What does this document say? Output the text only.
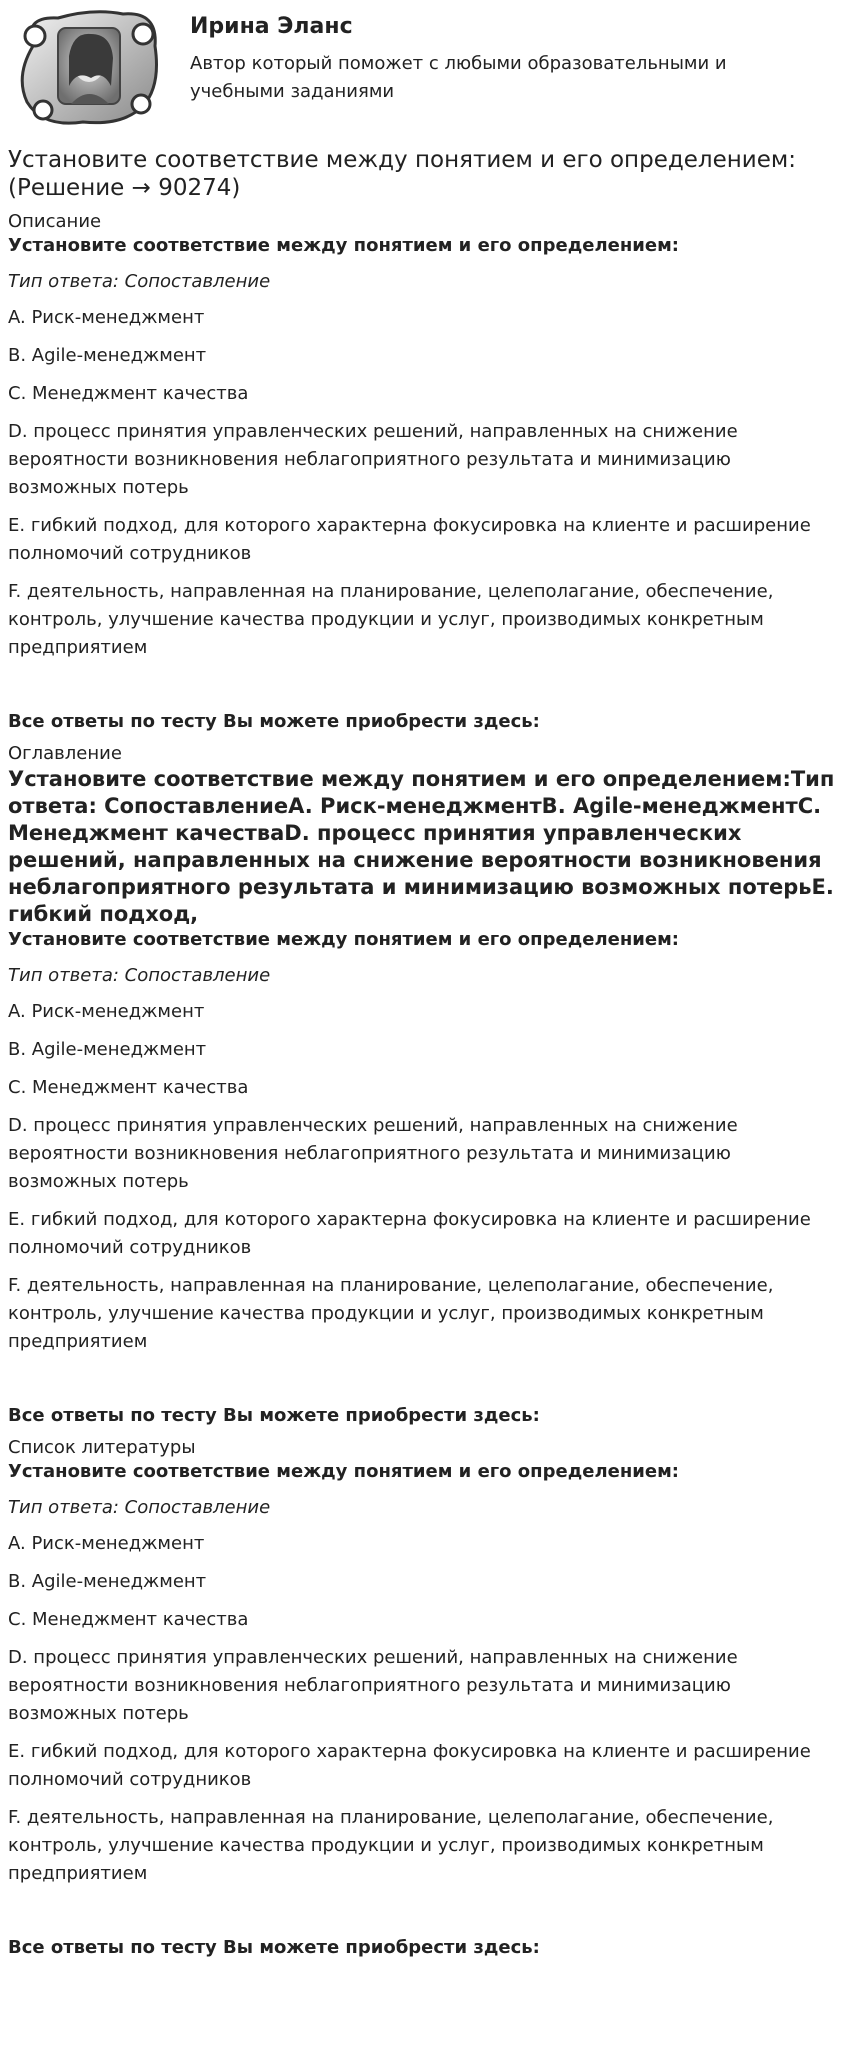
Ирина Эланс
Автор который поможет с любыми образовательными и учебными заданиями
Установите соответствие между понятием и его определением: (Решение → 90274)
Описание
Установите соответствие между понятием и его определением:
Тип ответа: Сопоставление
A. Риск-менеджмент
B. Agile-менеджмент
C. Менеджмент качества
D. процесс принятия управленческих решений, направленных на снижение вероятности возникновения неблагоприятного результата и минимизацию возможных потерь
E. гибкий подход, для которого характерна фокусировка на клиенте и расширение полномочий сотрудников
F. деятельность, направленная на планирование, целеполагание, обеспечение, контроль, улучшение качества продукции и услуг, производимых конкретным предприятием
Все ответы по тесту Вы можете приобрести здесь:
Оглавление
Установите соответствие между понятием и его определением:Тип ответа: СопоставлениеA. Риск-менеджментB. Agile-менеджментC. Менеджмент качестваD. процесс принятия управленческих решений, направленных на снижение вероятности возникновения неблагоприятного результата и минимизацию возможных потерьE. гибкий подход,
Установите соответствие между понятием и его определением:
Тип ответа: Сопоставление
A. Риск-менеджмент
B. Agile-менеджмент
C. Менеджмент качества
D. процесс принятия управленческих решений, направленных на снижение вероятности возникновения неблагоприятного результата и минимизацию возможных потерь
E. гибкий подход, для которого характерна фокусировка на клиенте и расширение полномочий сотрудников
F. деятельность, направленная на планирование, целеполагание, обеспечение, контроль, улучшение качества продукции и услуг, производимых конкретным предприятием
Все ответы по тесту Вы можете приобрести здесь:
Список литературы
Установите соответствие между понятием и его определением:
Тип ответа: Сопоставление
A. Риск-менеджмент
B. Agile-менеджмент
C. Менеджмент качества
D. процесс принятия управленческих решений, направленных на снижение вероятности возникновения неблагоприятного результата и минимизацию возможных потерь
E. гибкий подход, для которого характерна фокусировка на клиенте и расширение полномочий сотрудников
F. деятельность, направленная на планирование, целеполагание, обеспечение, контроль, улучшение качества продукции и услуг, производимых конкретным предприятием
Все ответы по тесту Вы можете приобрести здесь:
